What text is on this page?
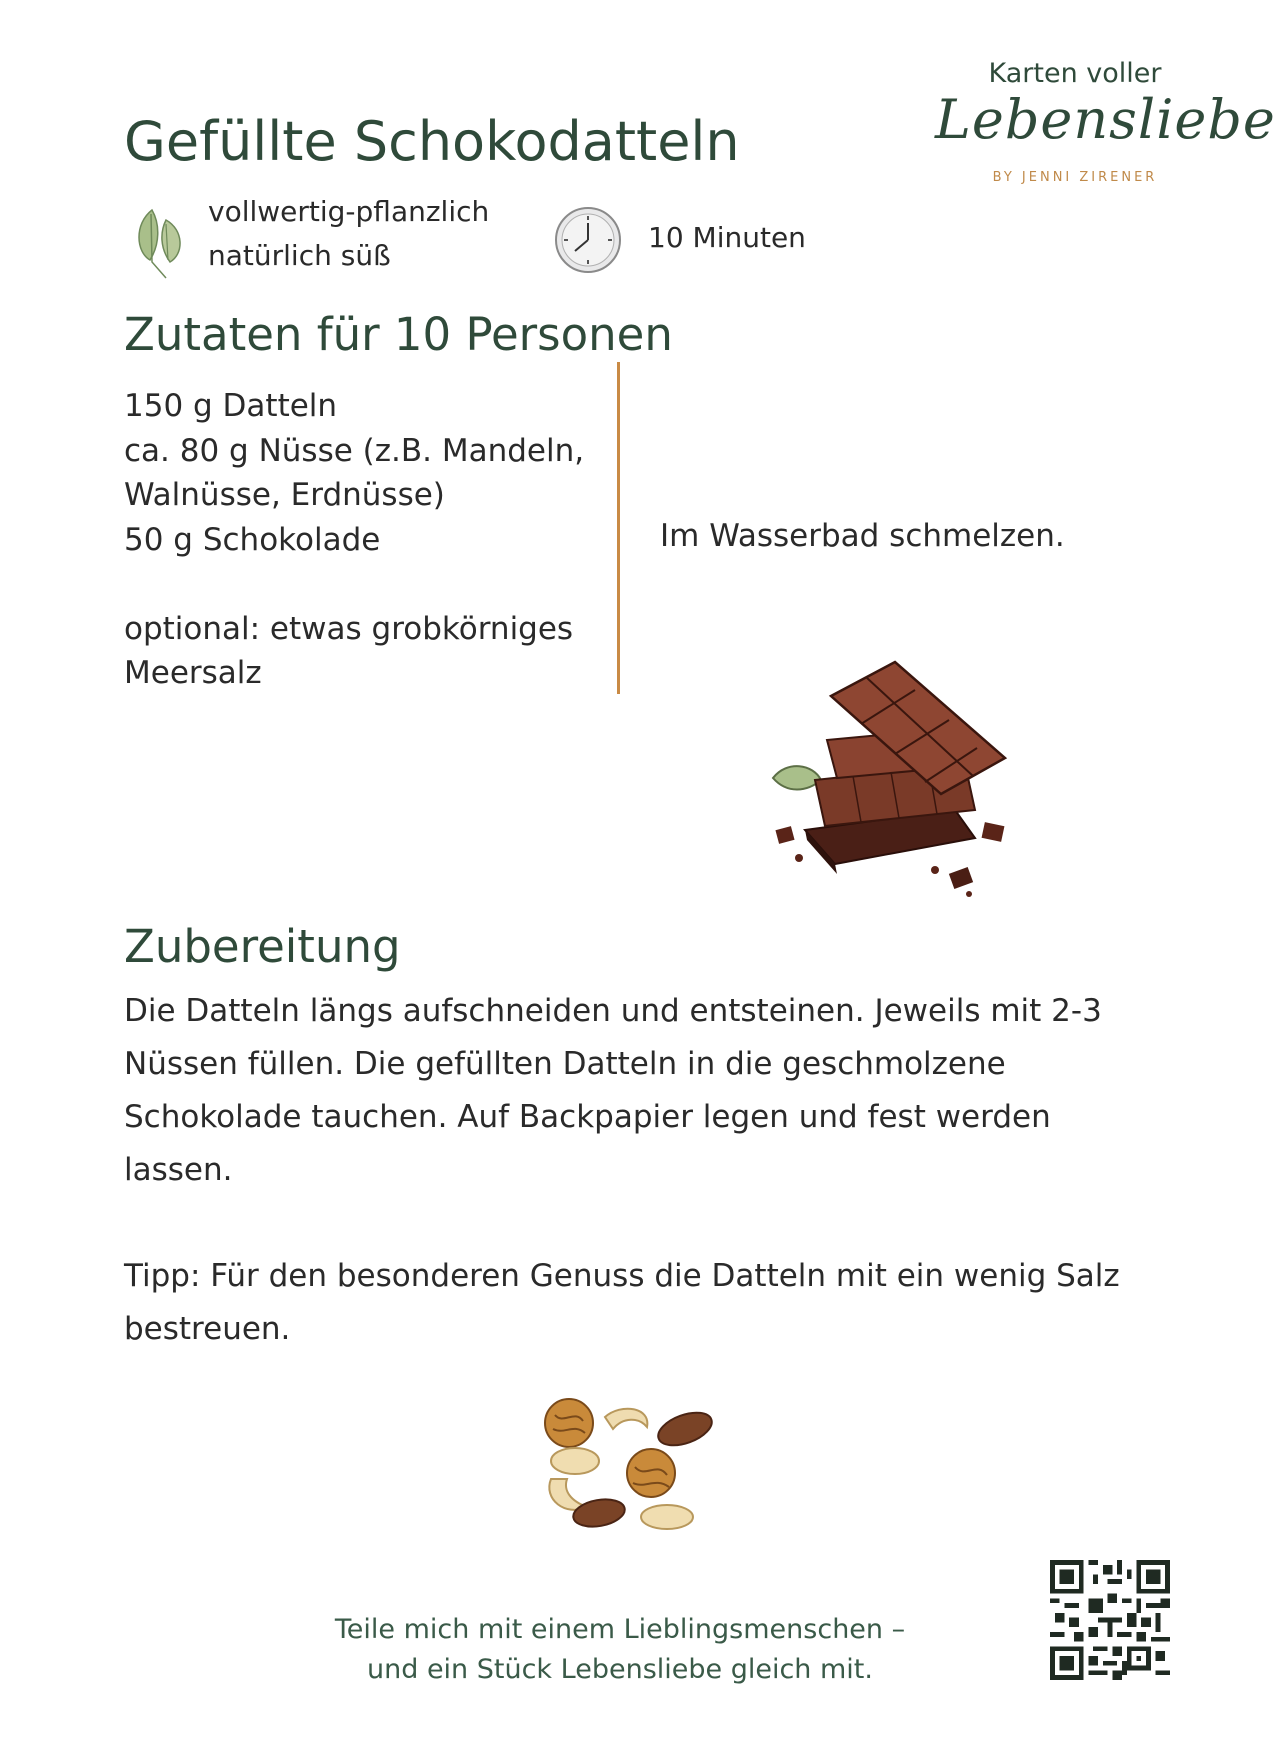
Karten voller
Lebensliebe
BY JENNI ZIRENER
Gefüllte Schokodatteln
vollwertig-pflanzlich
natürlich süß
10 Minuten
Zutaten für 10 Personen
150 g Datteln
ca. 80 g Nüsse (z.B. Mandeln,
Walnüsse, Erdnüsse)
50 g Schokolade
optional: etwas grobkörniges
Meersalz
Im Wasserbad schmelzen.
Zubereitung

Die Datteln längs aufschneiden und entsteinen. Jeweils mit 2-3 Nüssen füllen. Die gefüllten Datteln in die geschmolzene Schokolade tauchen. Auf Backpapier legen und fest werden lassen.

Tipp: Für den besonderen Genuss die Datteln mit ein wenig Salz bestreuen.

Teile mich mit einem Lieblingsmenschen –
und ein Stück Lebensliebe gleich mit.
